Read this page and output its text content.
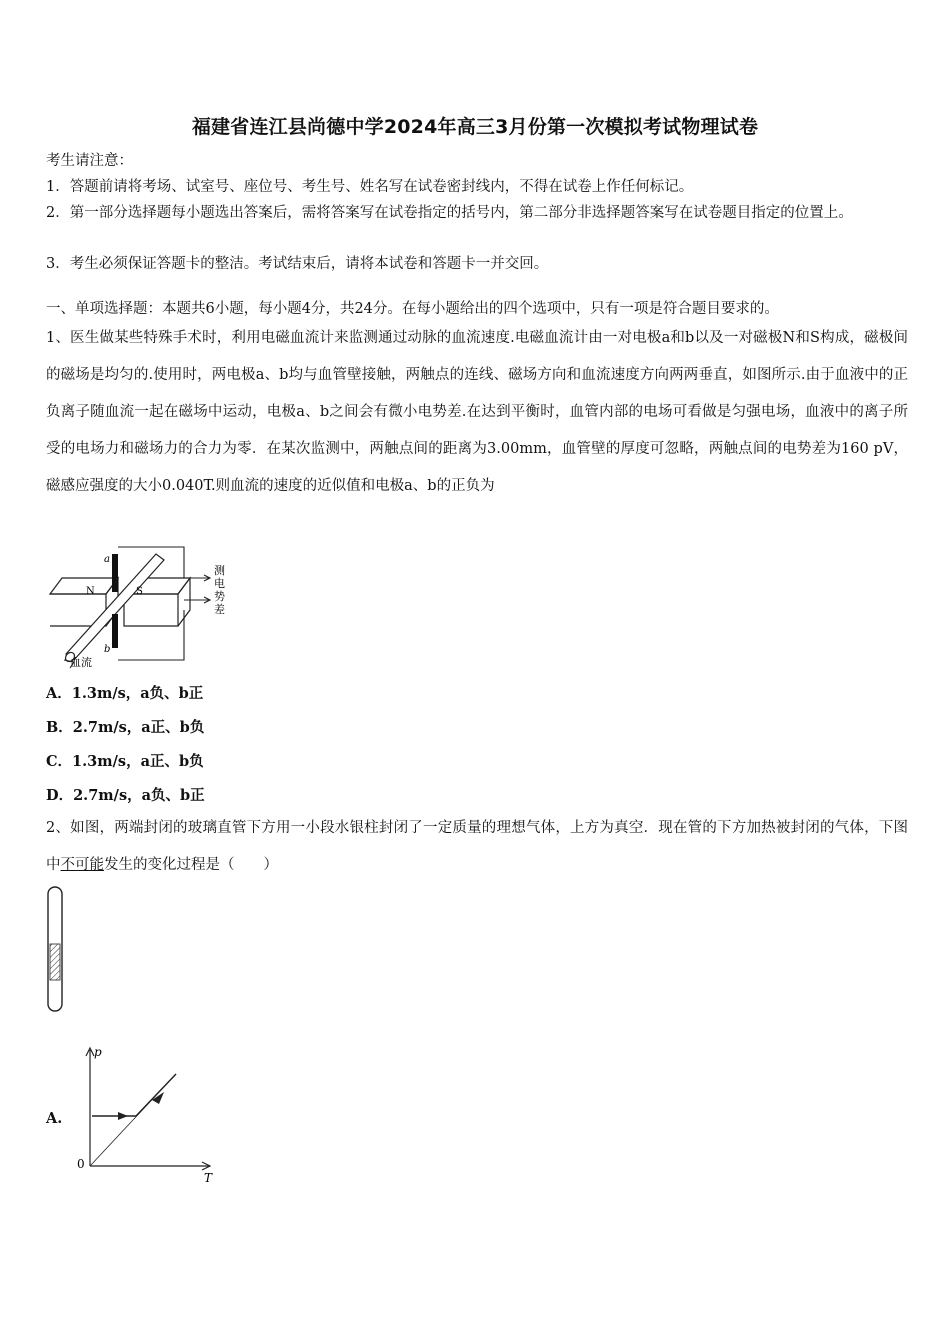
福建省连江县尚德中学2024年高三3月份第一次模拟考试物理试卷
考生请注意：
1．答题前请将考场、试室号、座位号、考生号、姓名写在试卷密封线内，不得在试卷上作任何标记。
2．第一部分选择题每小题选出答案后，需将答案写在试卷指定的括号内，第二部分非选择题答案写在试卷题目指定的位置上。
3．考生必须保证答题卡的整洁。考试结束后，请将本试卷和答题卡一并交回。
一、单项选择题：本题共6小题，每小题4分，共24分。在每小题给出的四个选项中，只有一项是符合题目要求的。
1、医生做某些特殊手术时，利用电磁血流计来监测通过动脉的血流速度.电磁血流计由一对电极a和b以及一对磁极N和S构成，磁极间的磁场是均匀的.使用时，两电极a、b均与血管壁接触，两触点的连线、磁场方向和血流速度方向两两垂直，如图所示.由于血液中的正负离子随血流一起在磁场中运动，电极a、b之间会有微小电势差.在达到平衡时，血管内部的电场可看做是匀强电场，血液中的离子所受的电场力和磁场力的合力为零．在某次监测中，两触点间的距离为3.00mm，血管壁的厚度可忽略，两触点间的电势差为160 pV，磁感应强度的大小0.040T.则血流的速度的近似值和电极a、b的正负为
a
b
N	S
血流
测
电
势
差
A．1.3m/s，a负、b正
B．2.7m/s，a正、b负
C．1.3m/s，a正、b负
D．2.7m/s，a负、b正
2、如图，两端封闭的玻璃直管下方用一小段水银柱封闭了一定质量的理想气体，上方为真空．现在管的下方加热被封闭的气体，下图中不可能发生的变化过程是（　　）
A.
p
T
0
